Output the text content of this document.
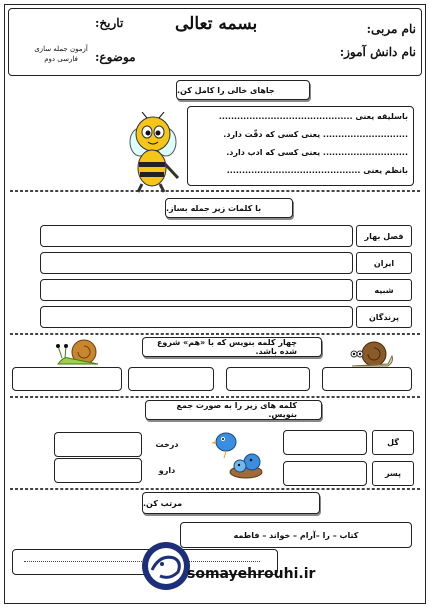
بسمه تعالی	نام مربی:
نام دانش آموز:
تاریخ:
موضوع:
آزمون جمله سازی
فارسی دوم
جاهای خالی را کامل کن.
باسلیقه یعنی ............................................
............................ یعنی کسی که دقّت دارد.
............................ یعنی کسی که ادب دارد.
بانظم یعنی ............................................
با کلمات زیر جمله بساز.
فصل بهار
ایران
شبیه
پرندگان
چهار کلمه بنویس که با «هم» شروع شده باشد.
کلمه های زیر را به صورت جمع بنویس.
گل
پسر
درخت
دارو
مرتب کن.
کتاب – را –آرام – خواند – فاطمه
somayehrouhi.ir
